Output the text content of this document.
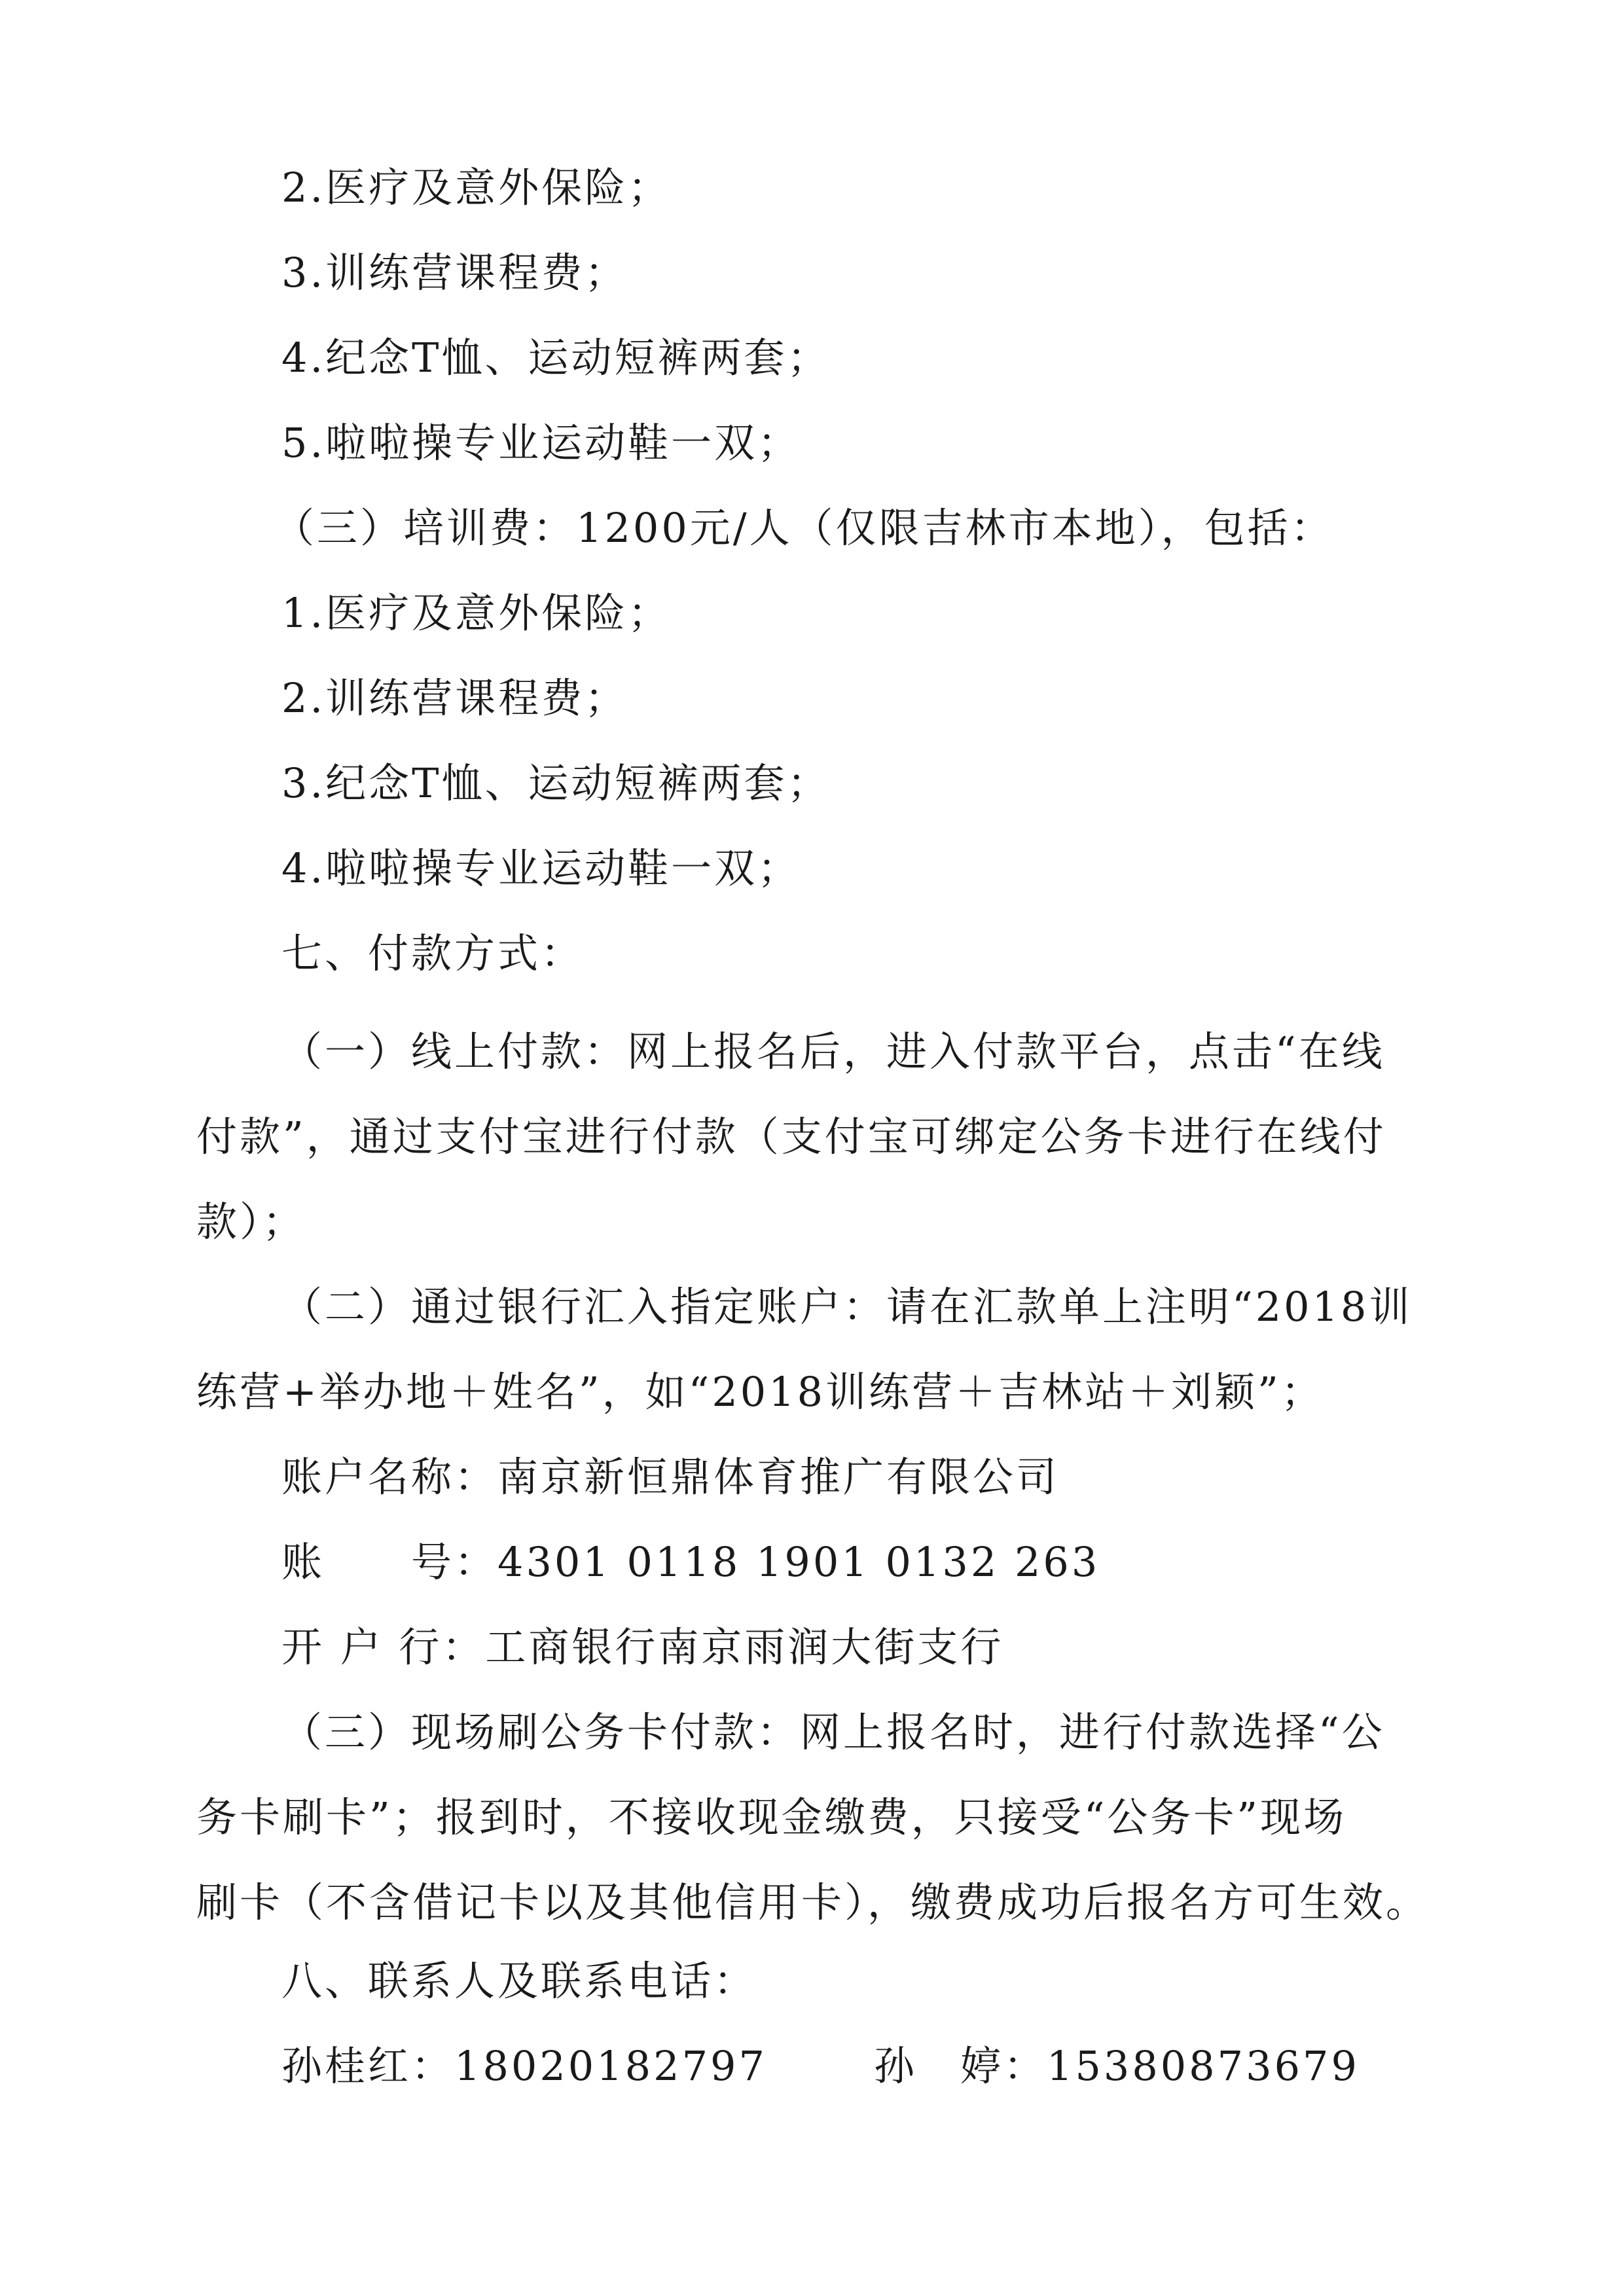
2.医疗及意外保险；
3.训练营课程费；
4.纪念T恤、运动短裤两套；
5.啦啦操专业运动鞋一双；
（三）培训费：1200元/人（仅限吉林市本地），包括：
1.医疗及意外保险；
2.训练营课程费；
3.纪念T恤、运动短裤两套；
4.啦啦操专业运动鞋一双；
七、付款方式：
（一）线上付款：网上报名后，进入付款平台，点击“在线
付款”，通过支付宝进行付款（支付宝可绑定公务卡进行在线付
款）；
（二）通过银行汇入指定账户：请在汇款单上注明“2018训
练营+举办地＋姓名”，如“2018训练营＋吉林站＋刘颖”；
账户名称：南京新恒鼎体育推广有限公司
账　　号：4301 0118 1901 0132 263
开 户 行：工商银行南京雨润大街支行
（三）现场刷公务卡付款：网上报名时，进行付款选择“公
务卡刷卡”；报到时，不接收现金缴费，只接受“公务卡”现场
刷卡（不含借记卡以及其他信用卡），缴费成功后报名方可生效。
八、联系人及联系电话：
孙桂红：18020182797	孙　婷：15380873679
